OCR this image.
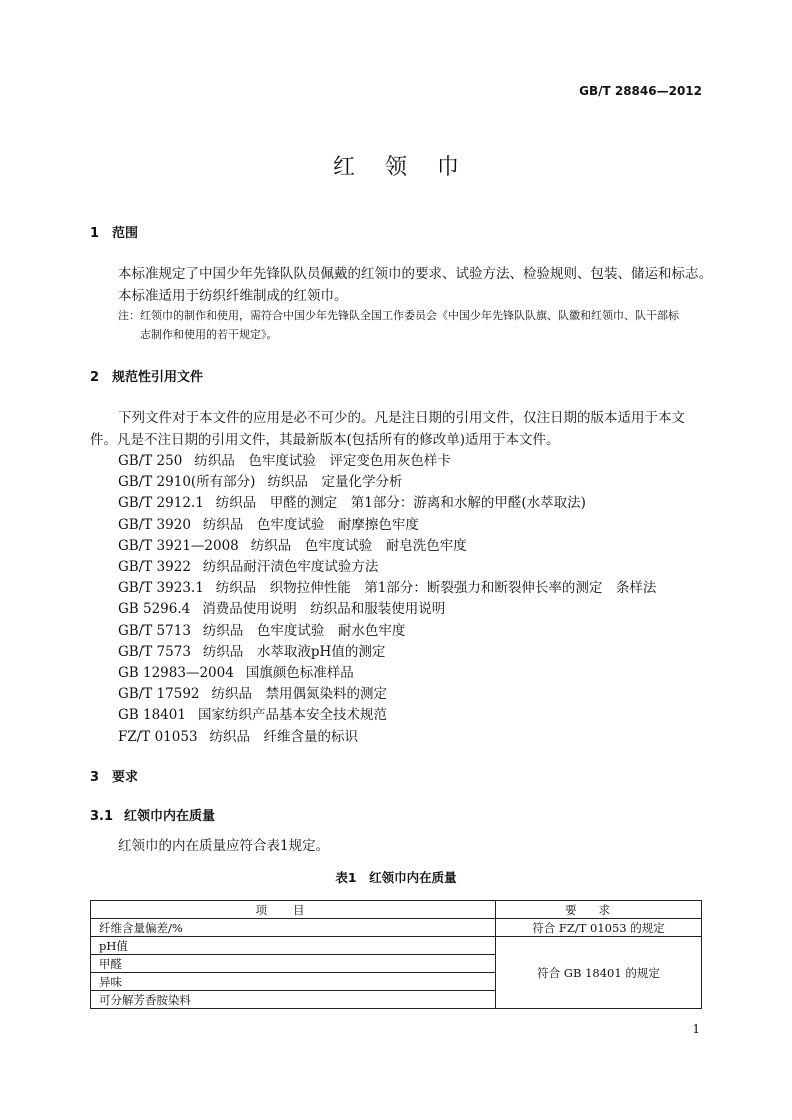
GB/T 28846—2012
红领巾
1 范围
本标准规定了中国少年先锋队队员佩戴的红领巾的要求、试验方法、检验规则、包装、储运和标志。
本标准适用于纺织纤维制成的红领巾。
注：红领巾的制作和使用，需符合中国少年先锋队全国工作委员会《中国少年先锋队队旗、队徽和红领巾、队干部标
志制作和使用的若干规定》。
2 规范性引用文件
下列文件对于本文件的应用是必不可少的。凡是注日期的引用文件，仅注日期的版本适用于本文
件。凡是不注日期的引用文件，其最新版本(包括所有的修改单)适用于本文件。
GB/T 250 纺织品　色牢度试验　评定变色用灰色样卡
GB/T 2910(所有部分) 纺织品　定量化学分析
GB/T 2912.1 纺织品　甲醛的测定　第1部分：游离和水解的甲醛(水萃取法)
GB/T 3920 纺织品　色牢度试验　耐摩擦色牢度
GB/T 3921—2008 纺织品　色牢度试验　耐皂洗色牢度
GB/T 3922 纺织品耐汗渍色牢度试验方法
GB/T 3923.1 纺织品　织物拉伸性能　第1部分：断裂强力和断裂伸长率的测定　条样法
GB 5296.4 消费品使用说明　纺织品和服装使用说明
GB/T 5713 纺织品　色牢度试验　耐水色牢度
GB/T 7573 纺织品　水萃取液pH值的测定
GB 12983—2004 国旗颜色标准样品
GB/T 17592 纺织品　禁用偶氮染料的测定
GB 18401 国家纺织产品基本安全技术规范
FZ/T 01053 纺织品　纤维含量的标识
3 要求
3.1 红领巾内在质量
红领巾的内在质量应符合表1规定。
表1　红领巾内在质量
项目	要求
纤维含量偏差/%	符合 FZ/T 01053 的规定
pH值	符合 GB 18401 的规定
甲醛	
异味	
可分解芳香胺染料	
1
